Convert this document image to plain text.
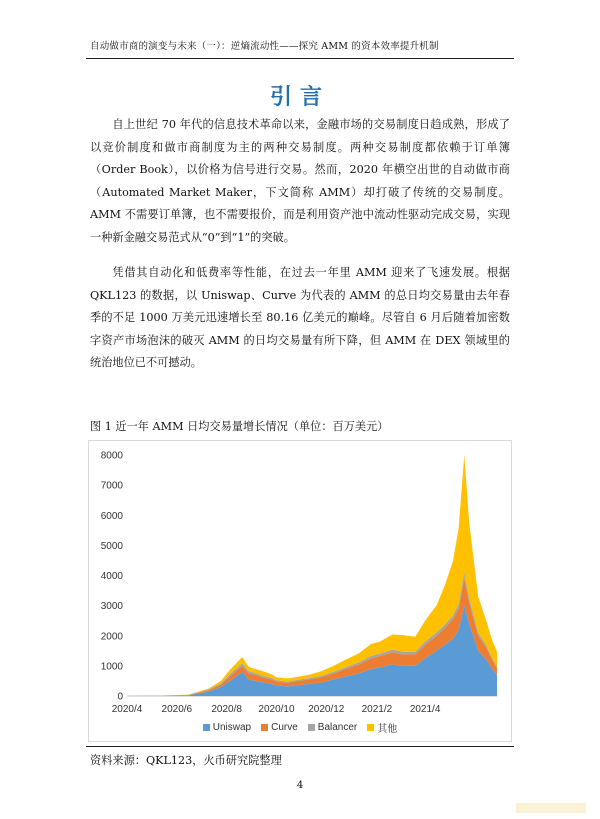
自动做市商的演变与未来（一）：逆熵流动性——探究 AMM 的资本效率提升机制
引言

自上世纪 70 年代的信息技术革命以来，金融市场的交易制度日趋成熟，形成了以竞价制度和做市商制度为主的两种交易制度。两种交易制度都依赖于订单簿（Order Book），以价格为信号进行交易。然而，2020 年横空出世的自动做市商（Automated Market Maker，下文简称 AMM）却打破了传统的交易制度。AMM 不需要订单簿，也不需要报价，而是利用资产池中流动性驱动完成交易，实现一种新金融交易范式从“0”到“1”的突破。

凭借其自动化和低费率等性能，在过去一年里 AMM 迎来了飞速发展。根据 QKL123 的数据，以 Uniswap、Curve 为代表的 AMM 的总日均交易量由去年春季的不足 1000 万美元迅速增长至 80.16 亿美元的巅峰。尽管自 6 月后随着加密数字资产市场泡沫的破灭 AMM 的日均交易量有所下降，但 AMM 在 DEX 领域里的统治地位已不可撼动。

图 1 近一年 AMM 日均交易量增长情况（单位：百万美元）
0
1000
2000
3000
4000
5000
6000
7000
8000
2020/4 2020/6 2020/8 2020/10 2020/12 2021/2 2021/4
Uniswap Curve Balancer 其他
资料来源：QKL123，火币研究院整理
4
